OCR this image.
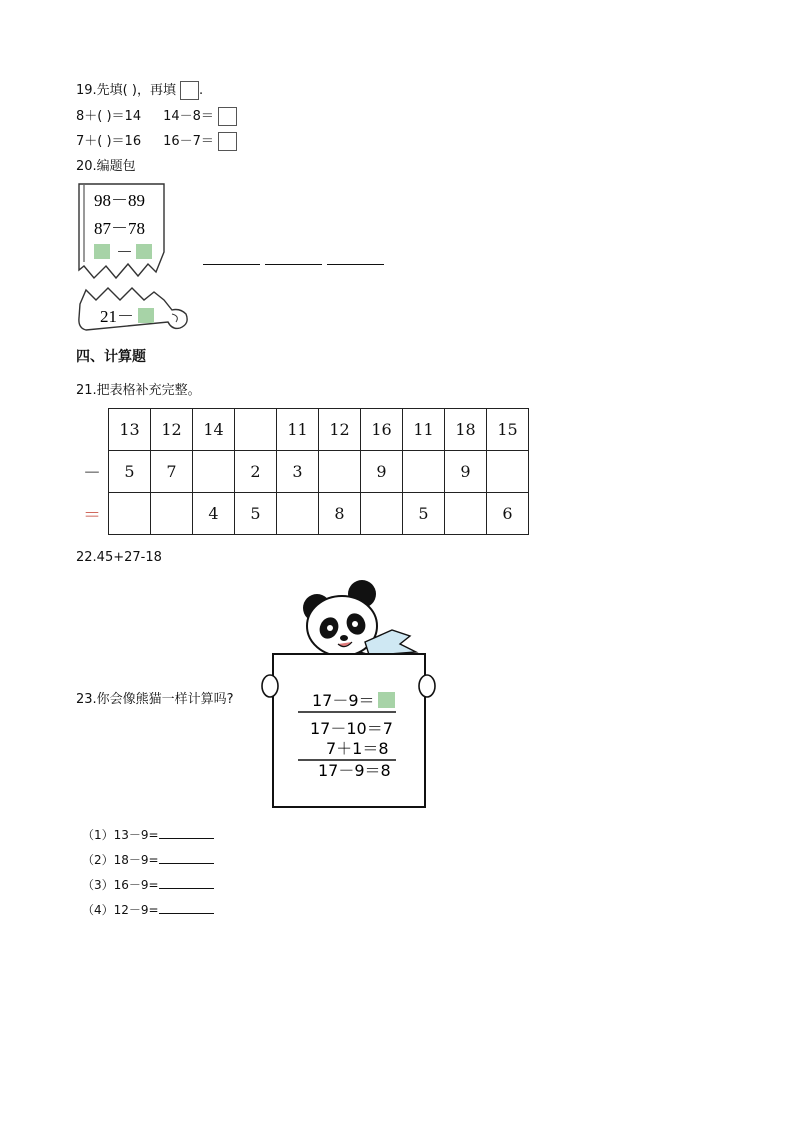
19.先填( )，再填 .
8＋( )＝14 14－8＝
7＋( )＝16 16－7＝
20.编题包
98－89
87－78
－
21－
四、计算题
21.把表格补充完整。
	13	12	14		11	12	16	11	18	15
－	5	7		2	3		9		9	
＝			4	5		8		5		6
22.45+27-18
23.你会像熊猫一样计算吗?	17－9＝
17－10＝7
7＋1＝8
17－9＝8
（1）13－9=
（2）18－9=
（3）16－9=
（4）12－9=
